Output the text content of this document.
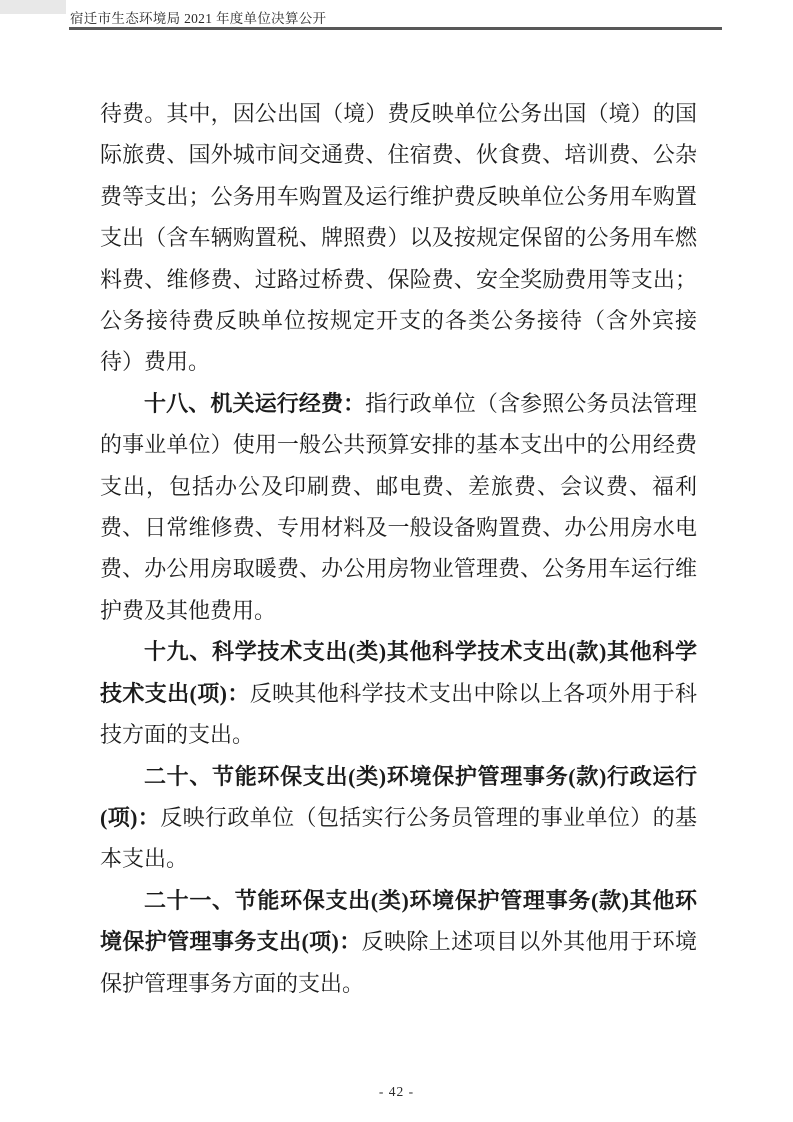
宿迁市生态环境局 2021 年度单位决算公开
待费。其中，因公出国（境）费反映单位公务出国（境）的国
际旅费、国外城市间交通费、住宿费、伙食费、培训费、公杂
费等支出；公务用车购置及运行维护费反映单位公务用车购置
支出（含车辆购置税、牌照费）以及按规定保留的公务用车燃
料费、维修费、过路过桥费、保险费、安全奖励费用等支出；
公务接待费反映单位按规定开支的各类公务接待（含外宾接
待）费用。
十八、机关运行经费：指行政单位（含参照公务员法管理
的事业单位）使用一般公共预算安排的基本支出中的公用经费
支出，包括办公及印刷费、邮电费、差旅费、会议费、福利
费、日常维修费、专用材料及一般设备购置费、办公用房水电
费、办公用房取暖费、办公用房物业管理费、公务用车运行维
护费及其他费用。
十九、科学技术支出(类)其他科学技术支出(款)其他科学
技术支出(项)：反映其他科学技术支出中除以上各项外用于科
技方面的支出。
二十、节能环保支出(类)环境保护管理事务(款)行政运行
(项)：反映行政单位（包括实行公务员管理的事业单位）的基
本支出。
二十一、节能环保支出(类)环境保护管理事务(款)其他环
境保护管理事务支出(项)：反映除上述项目以外其他用于环境
保护管理事务方面的支出。
- 42 -
